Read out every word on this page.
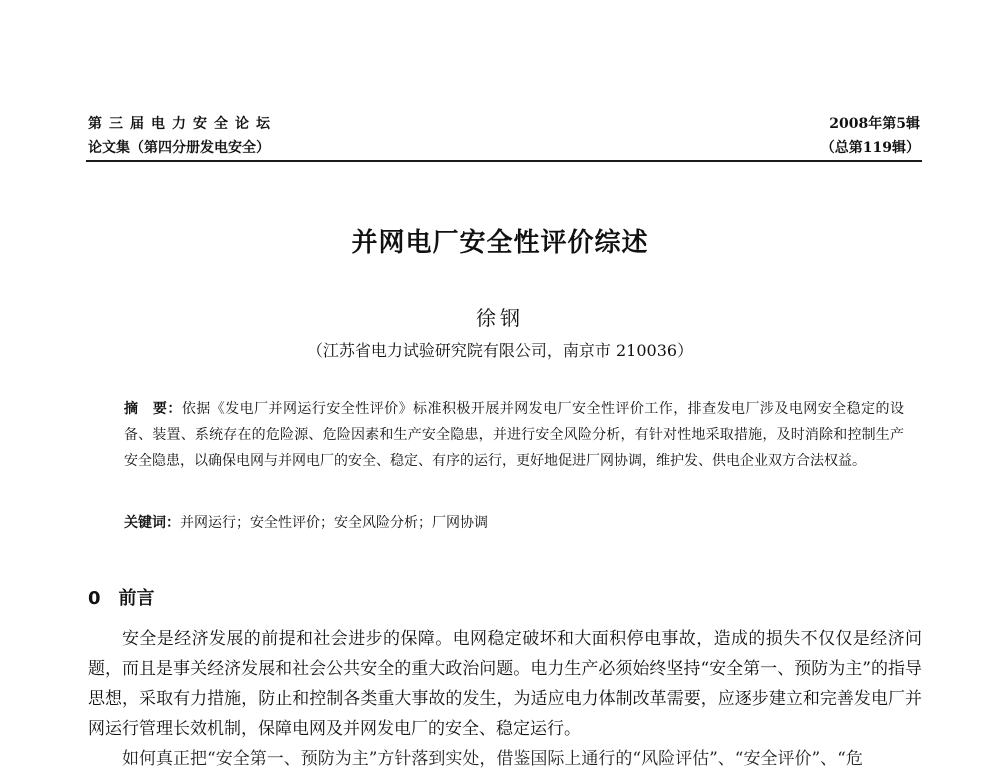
第三届电力安全论坛
论文集（第四分册发电安全）
2008年第5辑
（总第119辑）
并网电厂安全性评价综述
徐钢
（江苏省电力试验研究院有限公司，南京市 210036）
摘　要：依据《发电厂并网运行安全性评价》标准积极开展并网发电厂安全性评价工作，排查发电厂涉及电网安全稳定的设备、装置、系统存在的危险源、危险因素和生产安全隐患，并进行安全风险分析，有针对性地采取措施，及时消除和控制生产安全隐患，以确保电网与并网电厂的安全、稳定、有序的运行，更好地促进厂网协调，维护发、供电企业双方合法权益。
关键词：并网运行；安全性评价；安全风险分析；厂网协调
0 前言

安全是经济发展的前提和社会进步的保障。电网稳定破坏和大面积停电事故，造成的损失不仅仅是经济问题，而且是事关经济发展和社会公共安全的重大政治问题。电力生产必须始终坚持“安全第一、预防为主”的指导思想，采取有力措施，防止和控制各类重大事故的发生，为适应电力体制改革需要，应逐步建立和完善发电厂并网运行管理长效机制，保障电网及并网发电厂的安全、稳定运行。

如何真正把“安全第一、预防为主”方针落到实处，借鉴国际上通行的“风险评估”、“安全评价”、“危
